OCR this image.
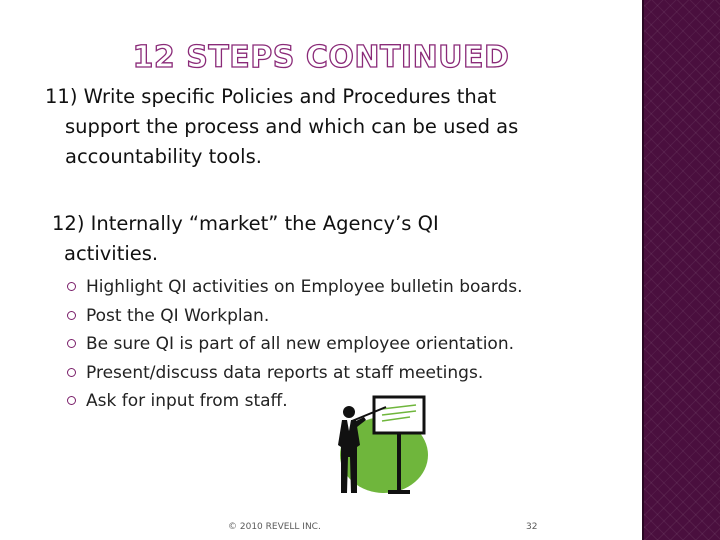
12 STEPS CONTINUED
11) Write specific Policies and Procedures that
support the process and which can be used as
accountability tools.
12) Internally “market” the Agency’s QI
activities.
Highlight QI activities on Employee bulletin boards.
Post the QI Workplan.
Be sure QI is part of all new employee orientation.
Present/discuss data reports at staff meetings.
Ask for input from staff.
© 2010 REVELL INC.	32
